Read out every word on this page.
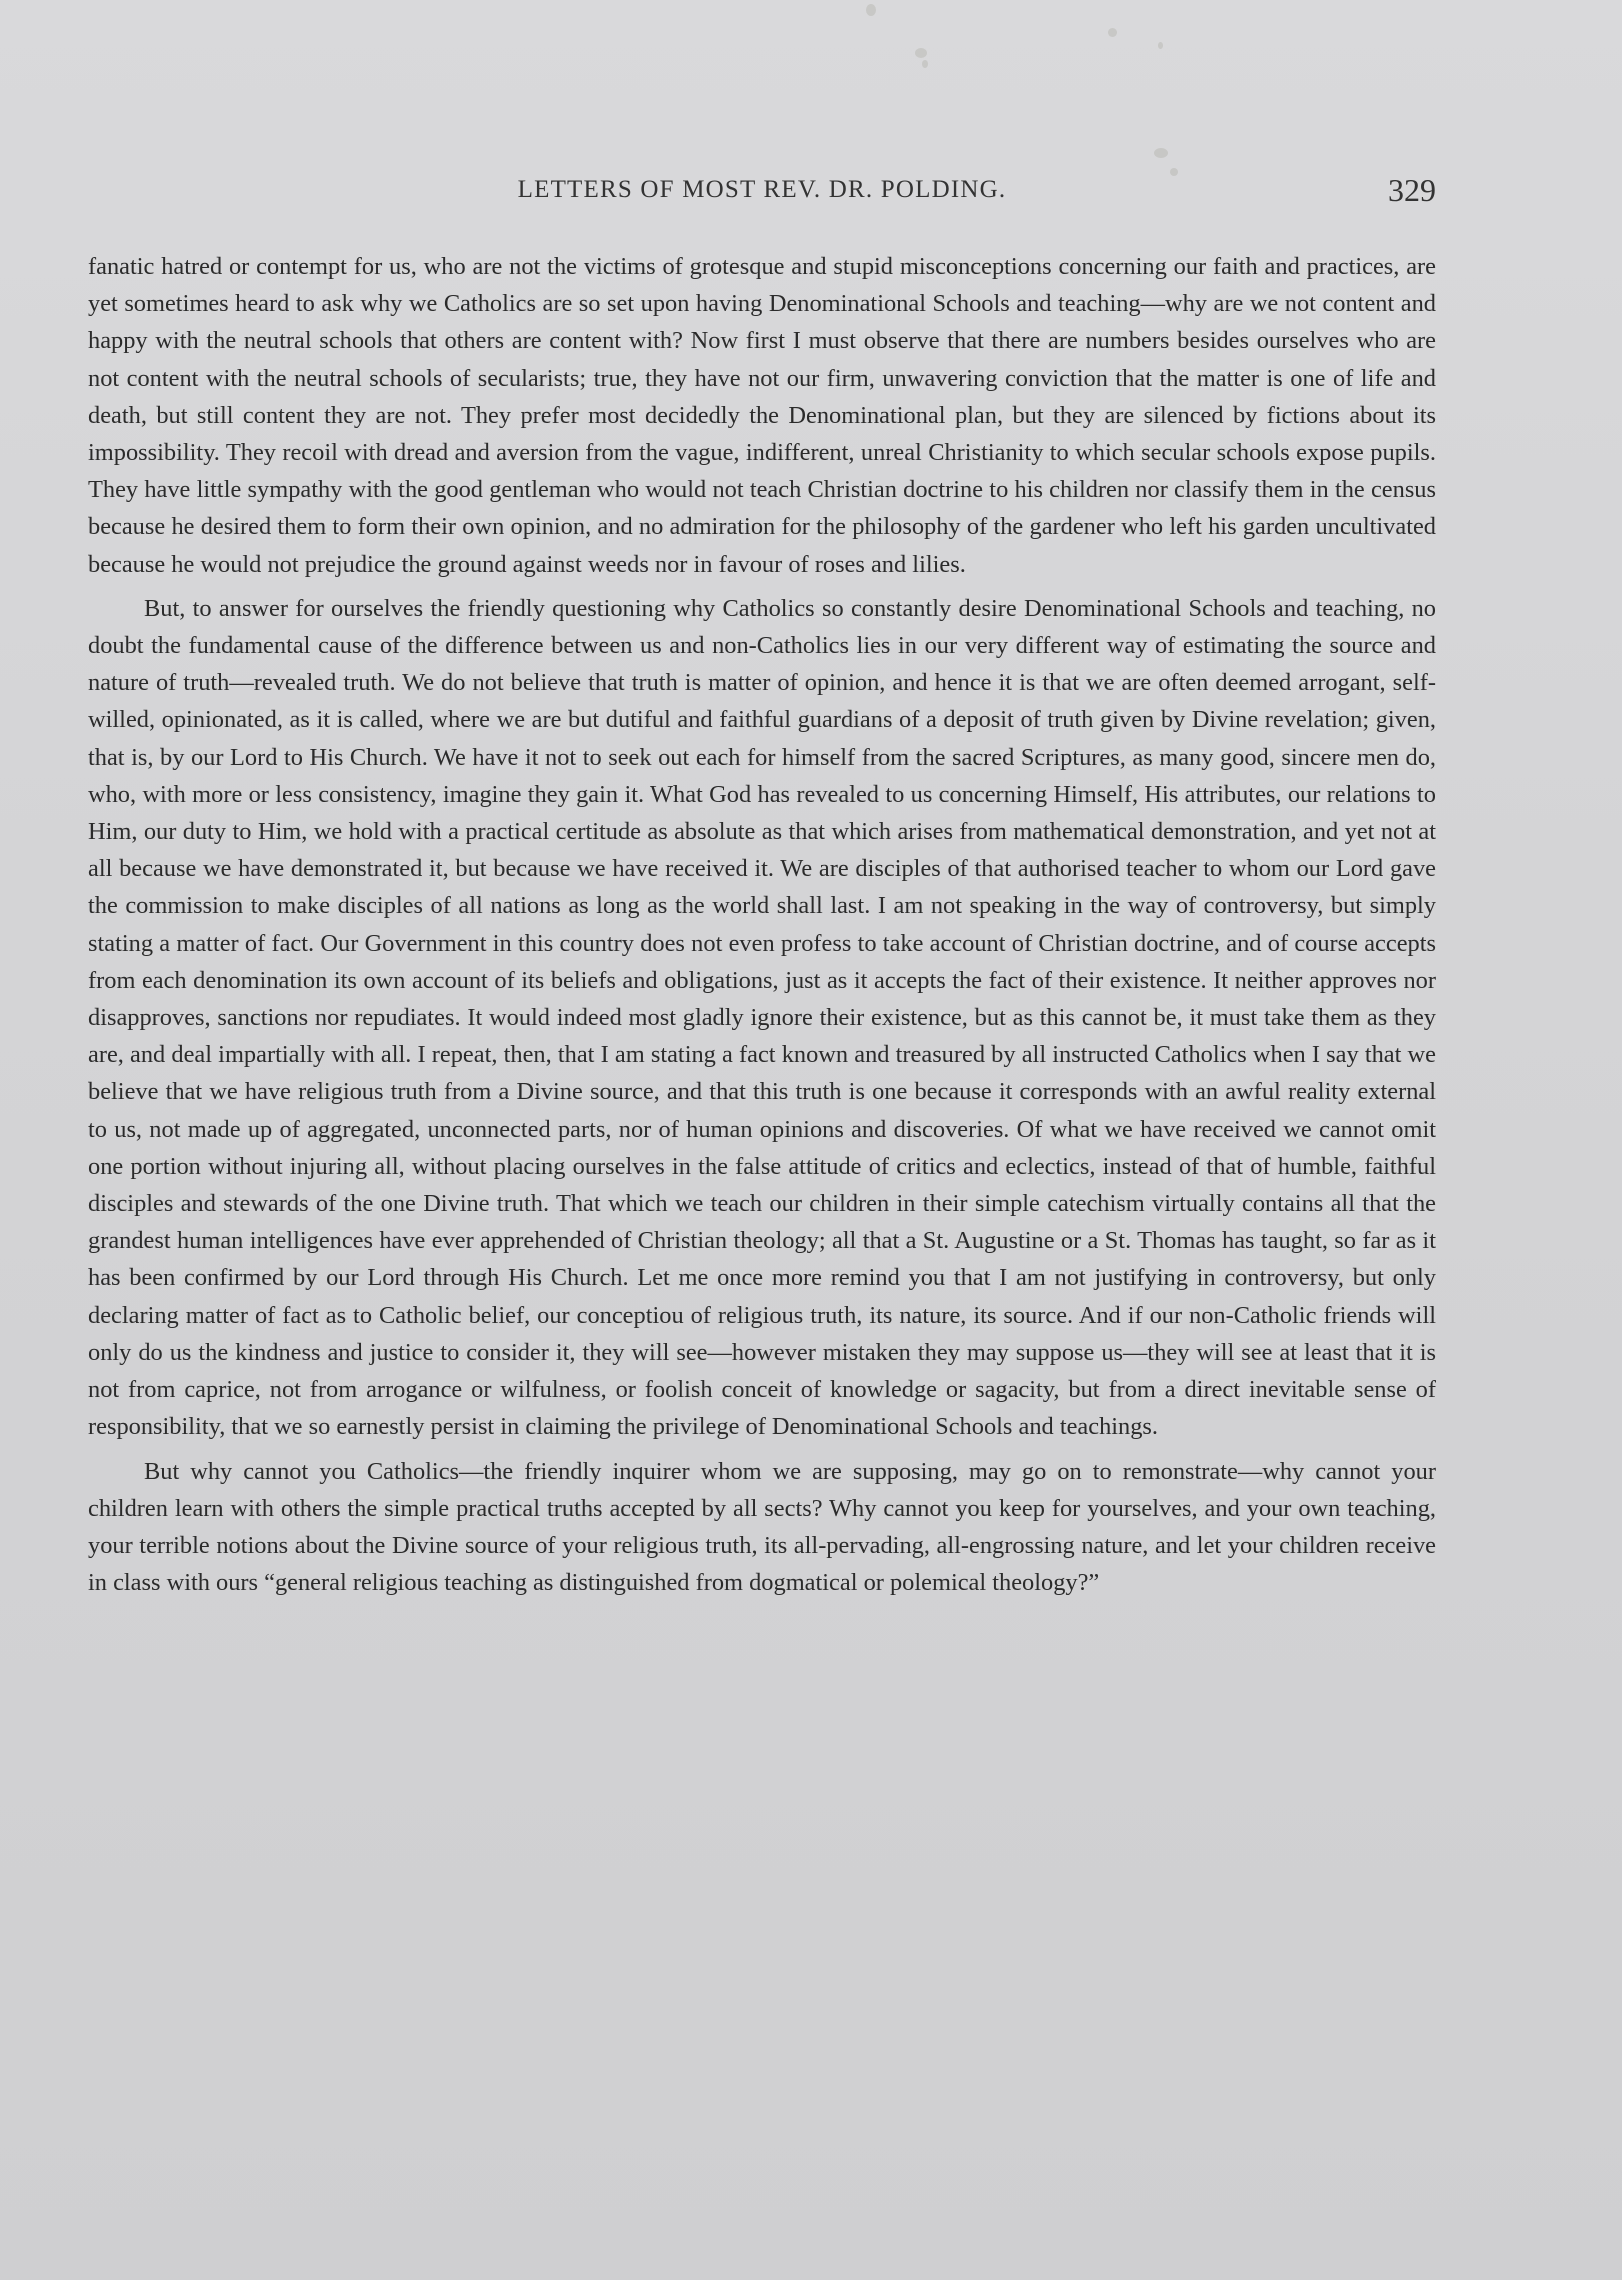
LETTERS OF MOST REV. DR. POLDING.	329

fanatic hatred or contempt for us, who are not the victims of grotesque and stupid misconceptions concerning our faith and practices, are yet sometimes heard to ask why we Catholics are so set upon having Denominational Schools and teaching—why are we not content and happy with the neutral schools that others are content with? Now first I must observe that there are numbers besides ourselves who are not content with the neutral schools of secularists; true, they have not our firm, unwavering conviction that the matter is one of life and death, but still content they are not. They prefer most decidedly the Denominational plan, but they are silenced by fictions about its impossibility. They recoil with dread and aversion from the vague, indifferent, unreal Christianity to which secular schools expose pupils. They have little sympathy with the good gentleman who would not teach Christian doctrine to his children nor classify them in the census because he desired them to form their own opinion, and no admiration for the philosophy of the gardener who left his garden uncultivated because he would not prejudice the ground against weeds nor in favour of roses and lilies.

But, to answer for ourselves the friendly questioning why Catholics so constantly desire Denominational Schools and teaching, no doubt the fundamental cause of the difference between us and non-Catholics lies in our very different way of estimating the source and nature of truth—revealed truth. We do not believe that truth is matter of opinion, and hence it is that we are often deemed arrogant, self-willed, opinionated, as it is called, where we are but dutiful and faithful guardians of a deposit of truth given by Divine revelation; given, that is, by our Lord to His Church. We have it not to seek out each for himself from the sacred Scriptures, as many good, sincere men do, who, with more or less consistency, imagine they gain it. What God has revealed to us concerning Himself, His attributes, our relations to Him, our duty to Him, we hold with a practical certitude as absolute as that which arises from mathematical demonstration, and yet not at all because we have demonstrated it, but because we have received it. We are disciples of that authorised teacher to whom our Lord gave the commission to make disciples of all nations as long as the world shall last. I am not speaking in the way of controversy, but simply stating a matter of fact. Our Government in this country does not even profess to take account of Christian doctrine, and of course accepts from each denomination its own account of its beliefs and obligations, just as it accepts the fact of their existence. It neither approves nor disapproves, sanctions nor repudiates. It would indeed most gladly ignore their existence, but as this cannot be, it must take them as they are, and deal impartially with all. I repeat, then, that I am stating a fact known and treasured by all instructed Catholics when I say that we believe that we have religious truth from a Divine source, and that this truth is one because it corresponds with an awful reality external to us, not made up of aggregated, unconnected parts, nor of human opinions and discoveries. Of what we have received we cannot omit one portion without injuring all, without placing ourselves in the false attitude of critics and eclectics, instead of that of humble, faithful disciples and stewards of the one Divine truth. That which we teach our children in their simple catechism virtually contains all that the grandest human intelligences have ever apprehended of Christian theology; all that a St. Augustine or a St. Thomas has taught, so far as it has been confirmed by our Lord through His Church. Let me once more remind you that I am not justifying in controversy, but only declaring matter of fact as to Catholic belief, our conceptiou of religious truth, its nature, its source. And if our non-Catholic friends will only do us the kindness and justice to consider it, they will see—however mistaken they may suppose us—they will see at least that it is not from caprice, not from arrogance or wilfulness, or foolish conceit of knowledge or sagacity, but from a direct inevitable sense of responsibility, that we so earnestly persist in claiming the privilege of Denominational Schools and teachings.

But why cannot you Catholics—the friendly inquirer whom we are supposing, may go on to remonstrate—why cannot your children learn with others the simple practical truths accepted by all sects? Why cannot you keep for yourselves, and your own teaching, your terrible notions about the Divine source of your religious truth, its all-pervading, all-engrossing nature, and let your children receive in class with ours “general religious teaching as distinguished from dogmatical or polemical theology?”
